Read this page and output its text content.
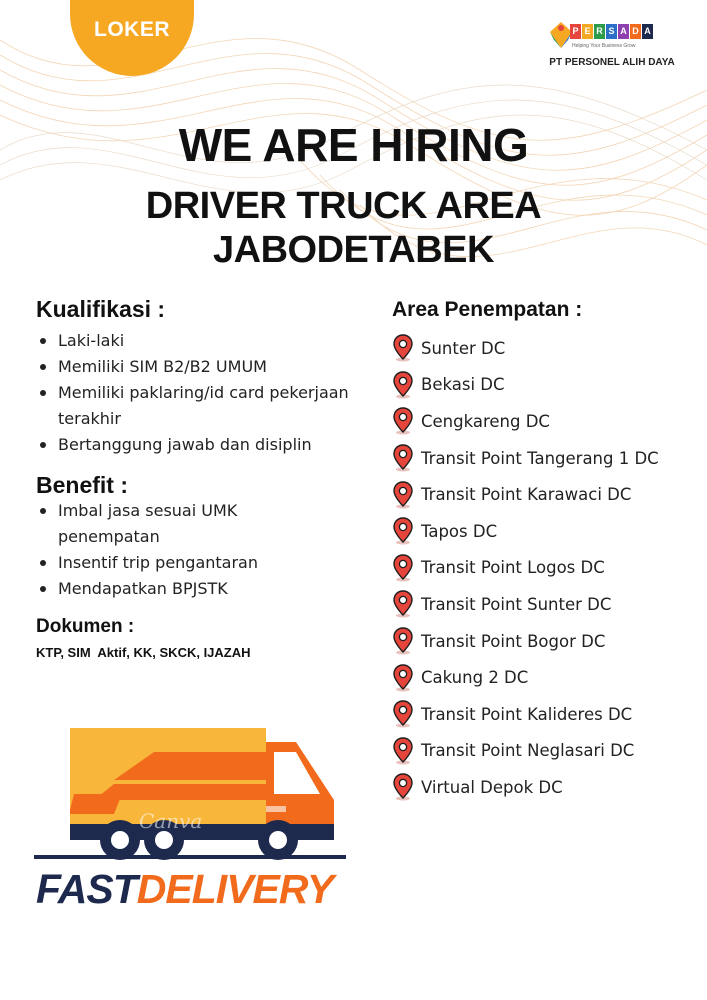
LOKER	P E R S A D A
Helping Your Business Grow
PT PERSONEL ALIH DAYA
WE ARE HIRING
DRIVER TRUCK AREA
JABODETABEK
Kualifikasi :
Laki-laki
Memiliki SIM B2/B2 UMUM
Memiliki paklaring/id card pekerjaan terakhir
Bertanggung jawab dan disiplin
Benefit :
Imbal jasa sesuai UMK penempatan
Insentif trip pengantaran
Mendapatkan BPJSTK
Dokumen :
KTP, SIM  Aktif, KK, SKCK, IJAZAH
Area Penempatan :
Sunter DC
Bekasi DC
Cengkareng DC
Transit Point Tangerang 1 DC
Transit Point Karawaci DC
Tapos DC
Transit Point Logos DC
Transit Point Sunter DC
Transit Point Bogor DC
Cakung 2 DC
Transit Point Kalideres DC
Transit Point Neglasari DC
Virtual Depok DC
Canva
FASTDELIVERY
